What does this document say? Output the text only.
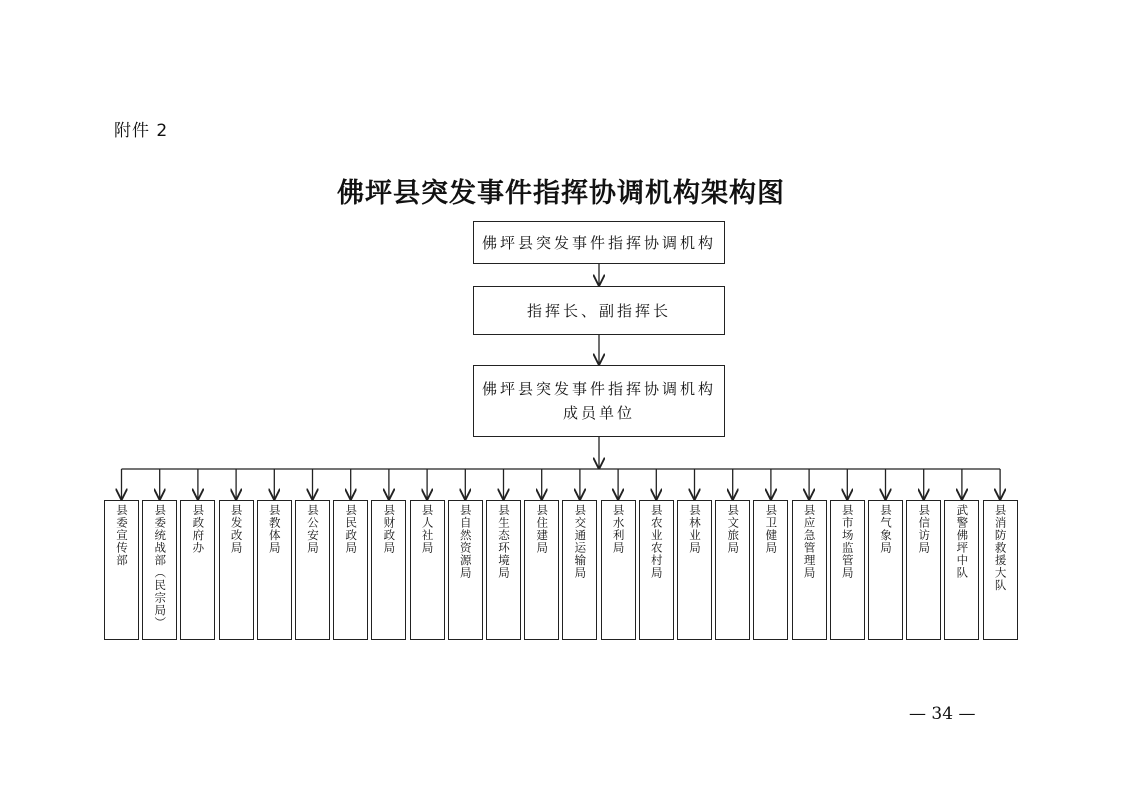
附件 2
佛坪县突发事件指挥协调机构架构图
佛坪县突发事件指挥协调机构
指挥长、副指挥长
佛坪县突发事件指挥协调机构
成员单位
县委宣传部 县委统战部（民宗局） 县政府办 县发改局 县教体局 县公安局 县民政局 县财政局 县人社局 县自然资源局 县生态环境局 县住建局 县交通运输局 县水利局 县农业农村局 县林业局 县文旅局 县卫健局 县应急管理局 县市场监管局 县气象局 县信访局 武警佛坪中队 县消防救援大队
— 34 —
